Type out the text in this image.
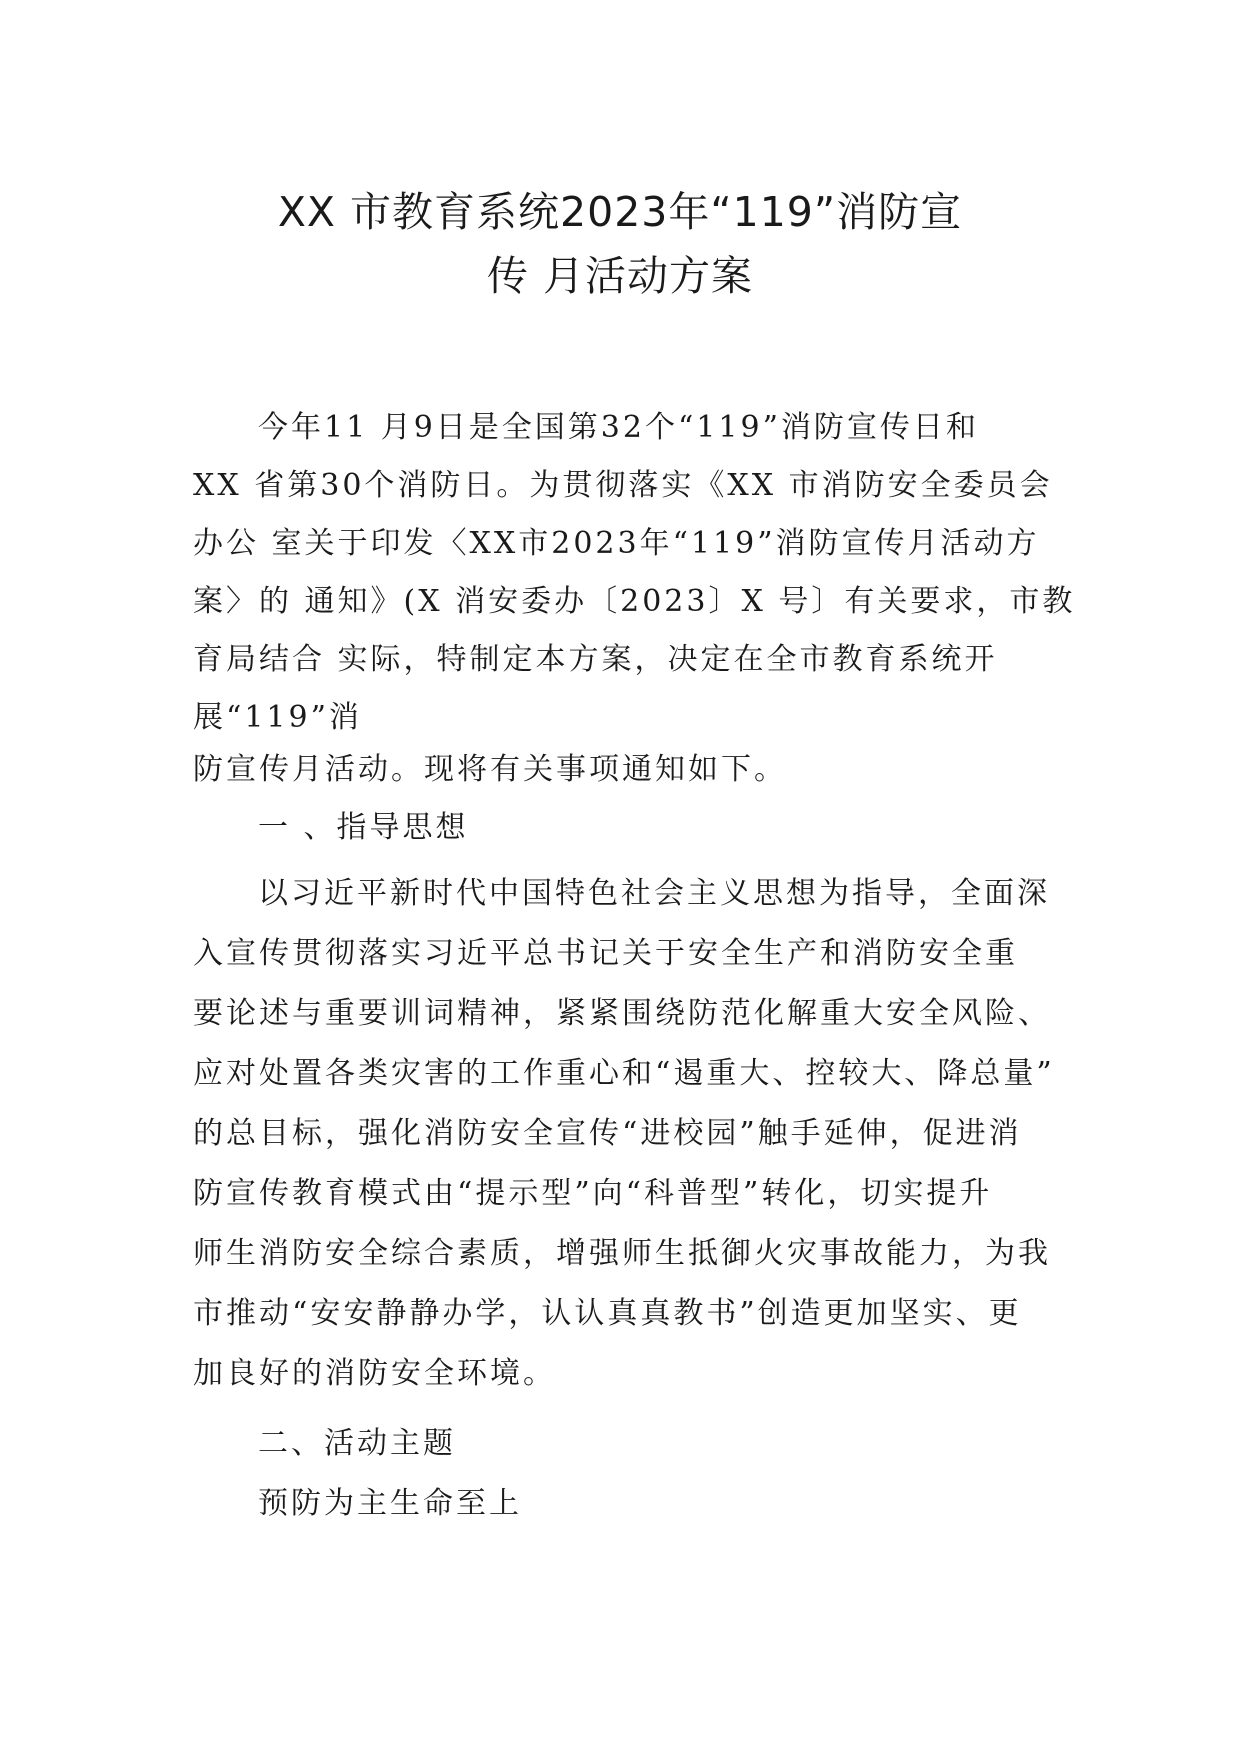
XX 市教育系统2023年“119”消防宣
传 月活动方案

今年11 月9日是全国第32个“119”消防宣传日和

XX 省第30个消防日。为贯彻落实《XX 市消防安全委员会

办公 室关于印发〈XX市2023年“119”消防宣传月活动方

案〉的 通知》(X 消安委办〔2023〕X 号〕有关要求，市教

育局结合 实际，特制定本方案，决定在全市教育系统开

展“119”消

防宣传月活动。现将有关事项通知如下。

一 、指导思想

以习近平新时代中国特色社会主义思想为指导，全面深

入宣传贯彻落实习近平总书记关于安全生产和消防安全重

要论述与重要训词精神，紧紧围绕防范化解重大安全风险、

应对处置各类灾害的工作重心和“遏重大、控较大、降总量”

的总目标，强化消防安全宣传“进校园”触手延伸，促进消

防宣传教育模式由“提示型”向“科普型”转化，切实提升

师生消防安全综合素质，增强师生抵御火灾事故能力，为我

市推动“安安静静办学，认认真真教书”创造更加坚实、更

加良好的消防安全环境。

二、活动主题

预防为主生命至上
